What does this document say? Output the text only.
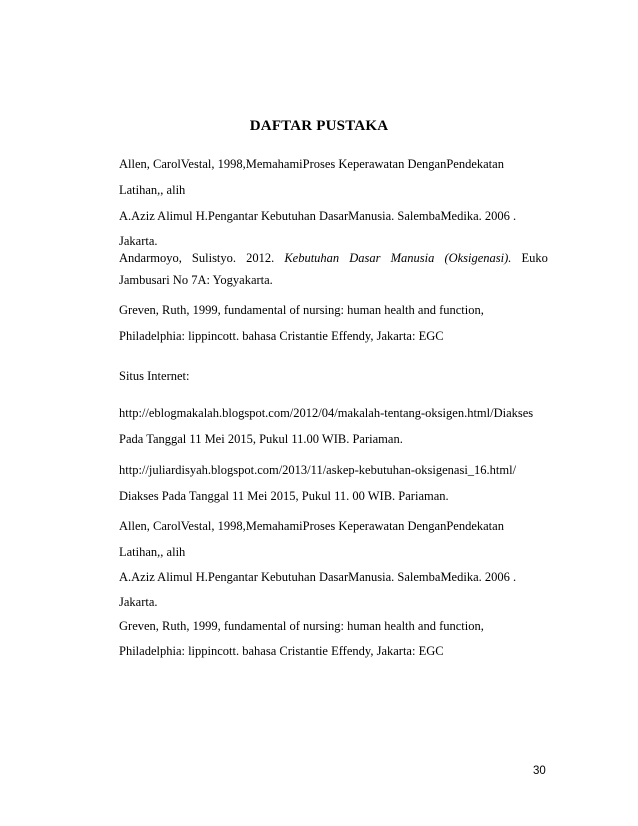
DAFTAR PUSTAKA
Allen, CarolVestal, 1998,MemahamiProses Keperawatan DenganPendekatan
Latihan,, alih
A.Aziz Alimul H.Pengantar Kebutuhan DasarManusia. SalembaMedika. 2006 .
Jakarta.
Andarmoyo, Sulistyo. 2012. Kebutuhan Dasar Manusia (Oksigenasi). Euko
Jambusari No 7A: Yogyakarta.
Greven, Ruth, 1999, fundamental of nursing: human health and function,
Philadelphia: lippincott. bahasa Cristantie Effendy, Jakarta: EGC
Situs Internet:
http://eblogmakalah.blogspot.com/2012/04/makalah-tentang-oksigen.html/Diakses
Pada Tanggal 11 Mei 2015, Pukul 11.00 WIB. Pariaman.
http://juliardisyah.blogspot.com/2013/11/askep-kebutuhan-oksigenasi_16.html/
Diakses Pada Tanggal 11 Mei 2015, Pukul 11. 00 WIB. Pariaman.
Allen, CarolVestal, 1998,MemahamiProses Keperawatan DenganPendekatan
Latihan,, alih
A.Aziz Alimul H.Pengantar Kebutuhan DasarManusia. SalembaMedika. 2006 .
Jakarta.
Greven, Ruth, 1999, fundamental of nursing: human health and function,
Philadelphia: lippincott. bahasa Cristantie Effendy, Jakarta: EGC
30
